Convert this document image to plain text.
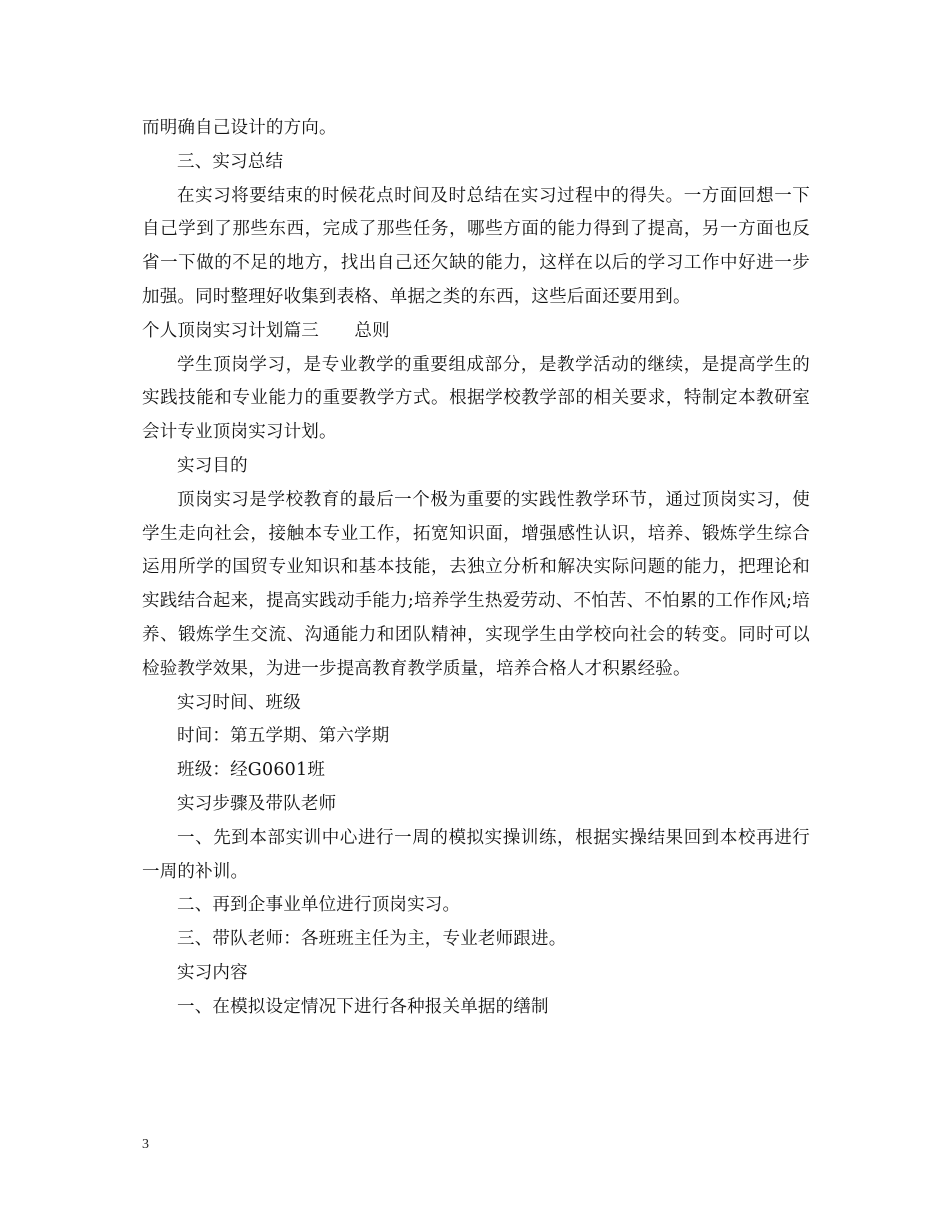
而明确自己设计的方向。

三、实习总结

在实习将要结束的时候花点时间及时总结在实习过程中的得失。一方面回想一下自己学到了那些东西，完成了那些任务，哪些方面的能力得到了提高，另一方面也反省一下做的不足的地方，找出自己还欠缺的能力，这样在以后的学习工作中好进一步加强。同时整理好收集到表格、单据之类的东西，这些后面还要用到。

个人顶岗实习计划篇三　　总则

学生顶岗学习，是专业教学的重要组成部分，是教学活动的继续，是提高学生的实践技能和专业能力的重要教学方式。根据学校教学部的相关要求，特制定本教研室会计专业顶岗实习计划。

实习目的

顶岗实习是学校教育的最后一个极为重要的实践性教学环节，通过顶岗实习，使学生走向社会，接触本专业工作，拓宽知识面，增强感性认识，培养、锻炼学生综合运用所学的国贸专业知识和基本技能，去独立分析和解决实际问题的能力，把理论和实践结合起来，提高实践动手能力;培养学生热爱劳动、不怕苦、不怕累的工作作风;培养、锻炼学生交流、沟通能力和团队精神，实现学生由学校向社会的转变。同时可以检验教学效果，为进一步提高教育教学质量，培养合格人才积累经验。

实习时间、班级

时间：第五学期、第六学期

班级：经G0601班

实习步骤及带队老师

一、先到本部实训中心进行一周的模拟实操训练，根据实操结果回到本校再进行一周的补训。

二、再到企事业单位进行顶岗实习。

三、带队老师：各班班主任为主，专业老师跟进。

实习内容

一、在模拟设定情况下进行各种报关单据的缮制

3
